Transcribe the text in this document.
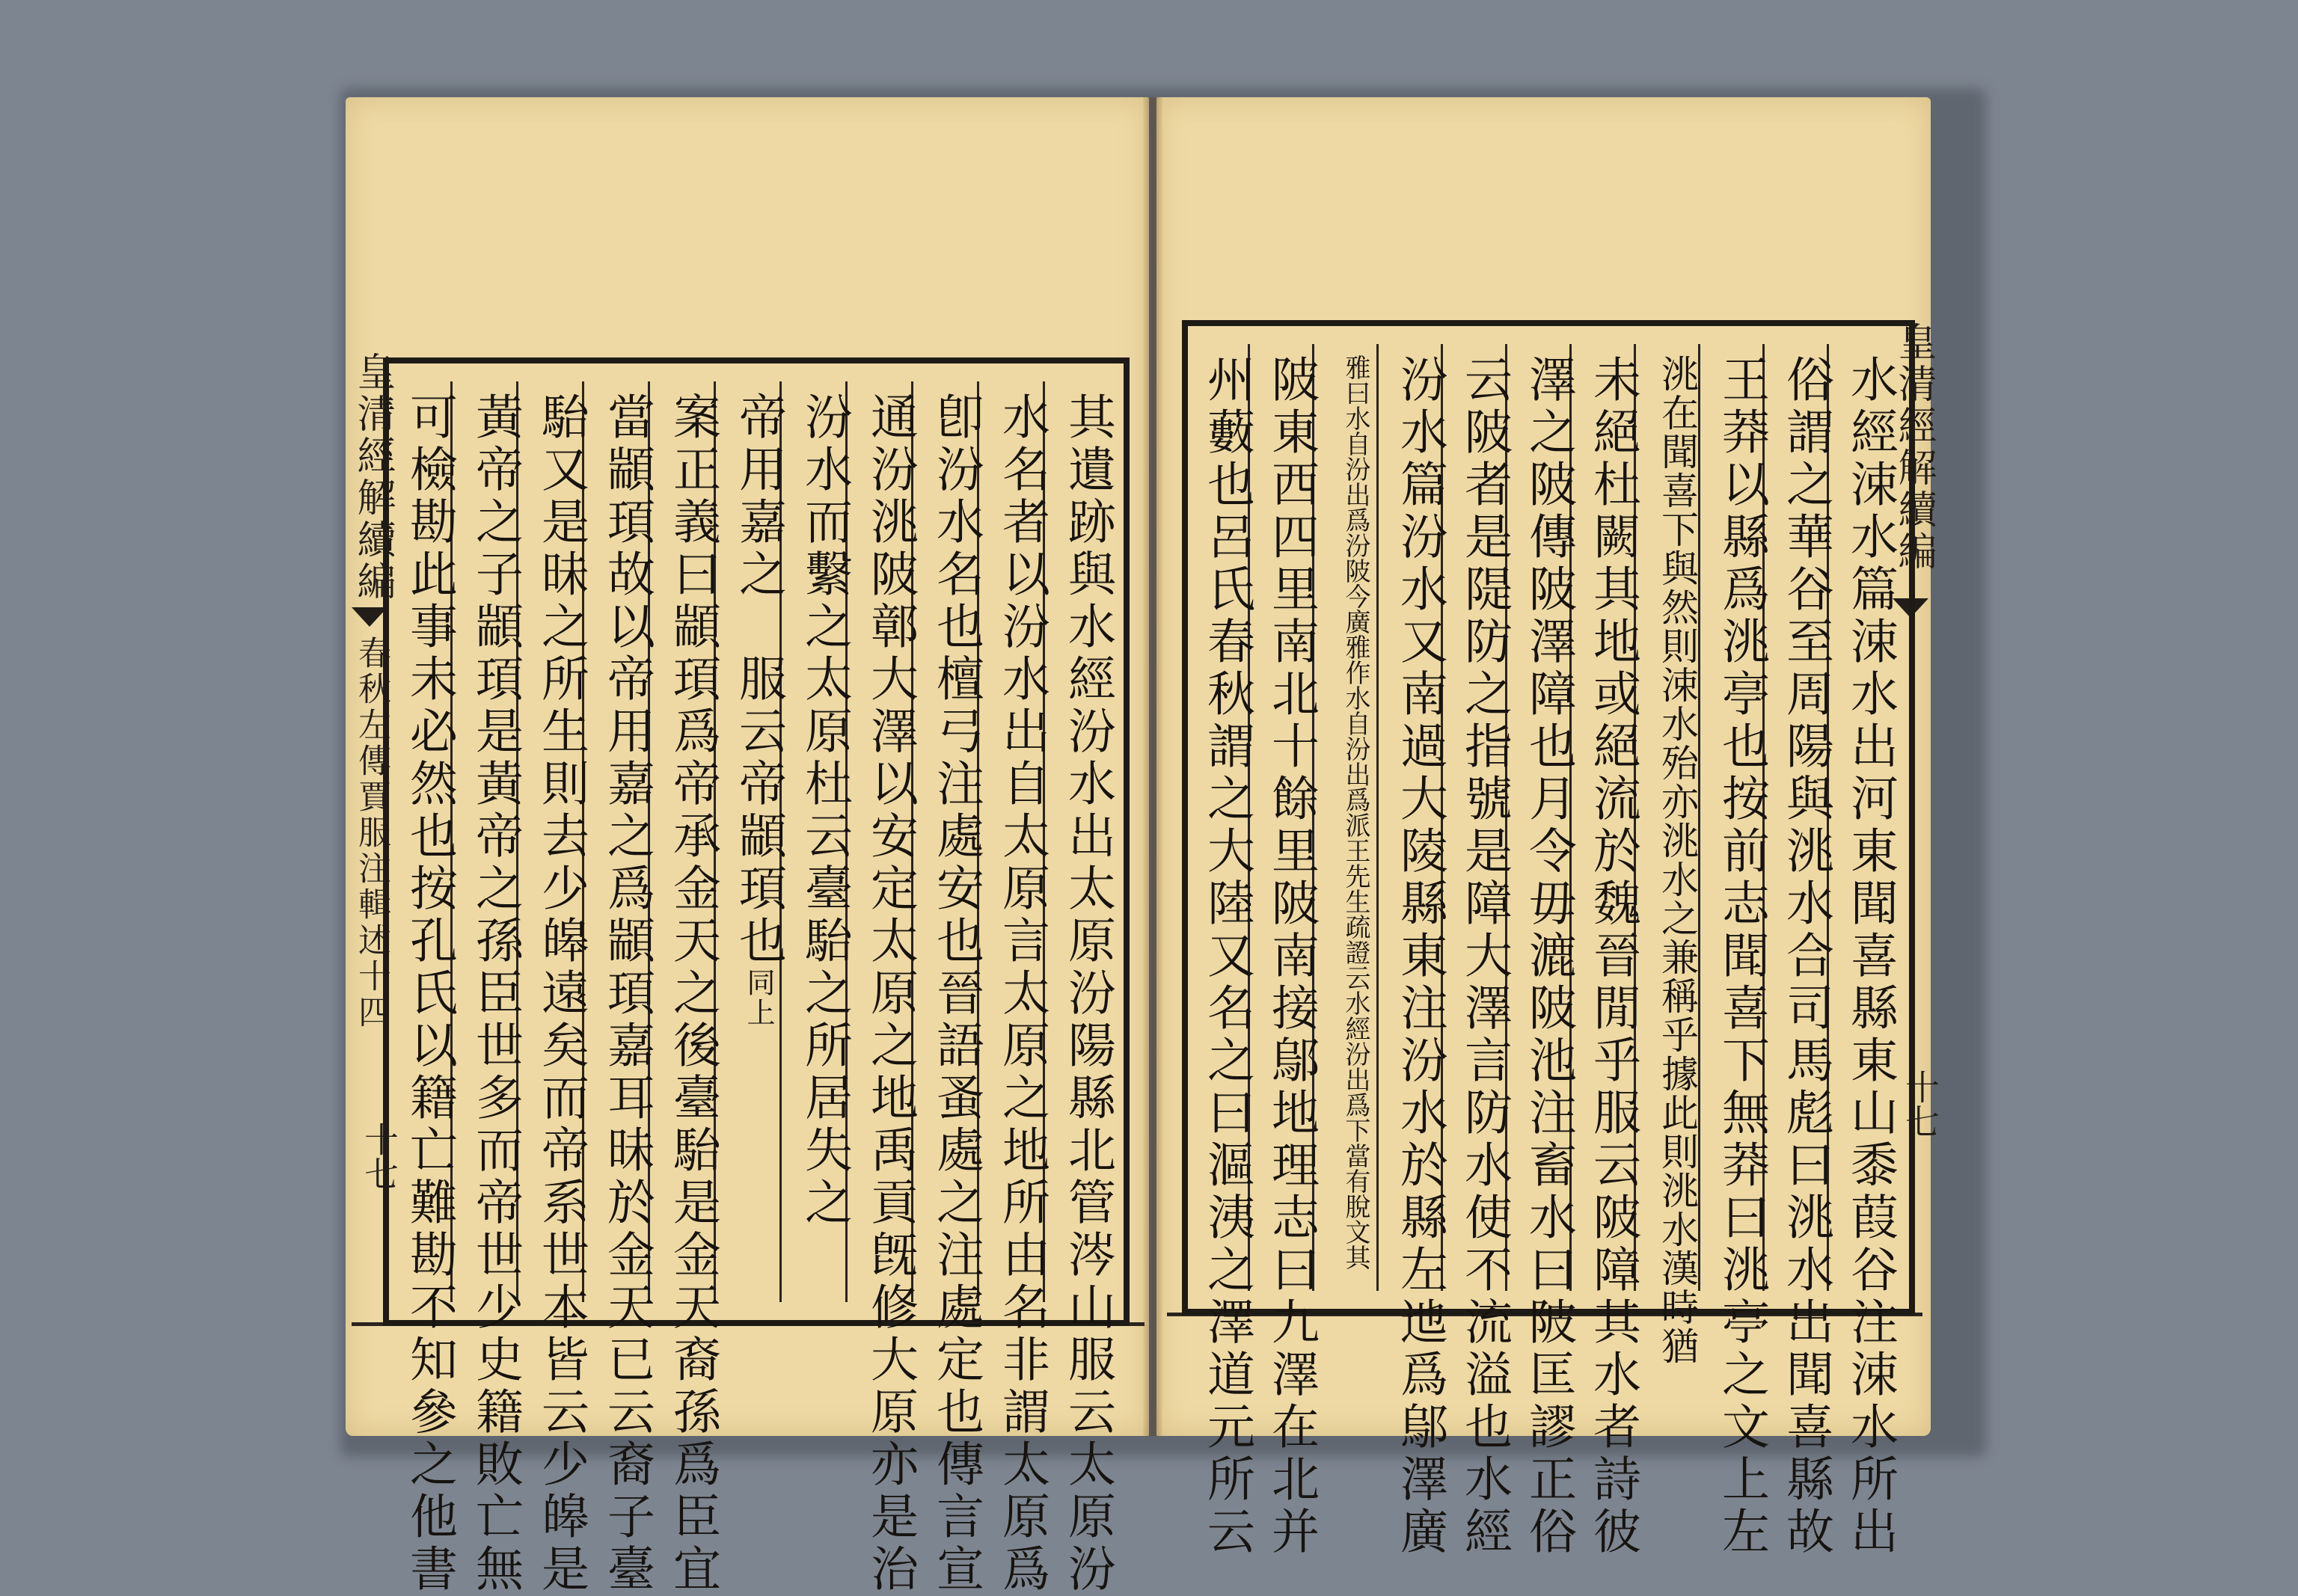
皇清經解續編
春秋左傳賈服注輯述十四
十七	其遺跡與水經汾水出太原汾陽縣北管涔山服云太原汾
水名者以汾水出自太原言太原之地所由名非謂太原爲
卽汾水名也檀弓注處安也晉語蚤處之注處定也傳言宣
通汾洮陂鄣大澤以安定太原之地禹貢旣修大原亦是治
汾水而繫之太原杜云臺駘之所居失之
帝用嘉之　服云帝顓頊也同上
案正義曰顓頊爲帝承金天之後臺駘是金天裔孫爲臣宜
當顓頊故以帝用嘉之爲顓頊嘉耳昧於金天已云裔子臺
駘又是昧之所生則去少皞遠矣而帝系世本皆云少皞是
黃帝之子顓頊是黃帝之孫臣世多而帝世少史籍敗亡無
可檢勘此事未必然也按孔氏以籍亡難勘不知參之他書	皇清經解續編
十七
水經涑水篇涑水出河東聞喜縣東山黍葭谷注涑水所出
俗謂之華谷至周陽與洮水合司馬彪曰洮水出聞喜縣故
王莽以縣爲洮亭也按前志聞喜下無莽曰洮亭之文上左
洮在聞喜下與然則涑水殆亦洮水之兼稱乎據此則洮水漢時猶
未絕杜闕其地或絕流於魏晉閒乎服云陂障其水者詩彼
澤之陂傳陂澤障也月令毋漉陂池注畜水曰陂匡謬正俗
云陂者是隄防之指號是障大澤言防水使不流溢也水經
汾水篇汾水又南過大陵縣東注汾水於縣左迆爲鄔澤廣
雅曰水自汾出爲汾陂今廣雅作水自汾出爲派王先生疏證云水經汾出爲下當有脫文其
陂東西四里南北十餘里陂南接鄔地理志曰九澤在北并
州藪也呂氏春秋謂之大陸又名之曰漚洟之澤道元所云
